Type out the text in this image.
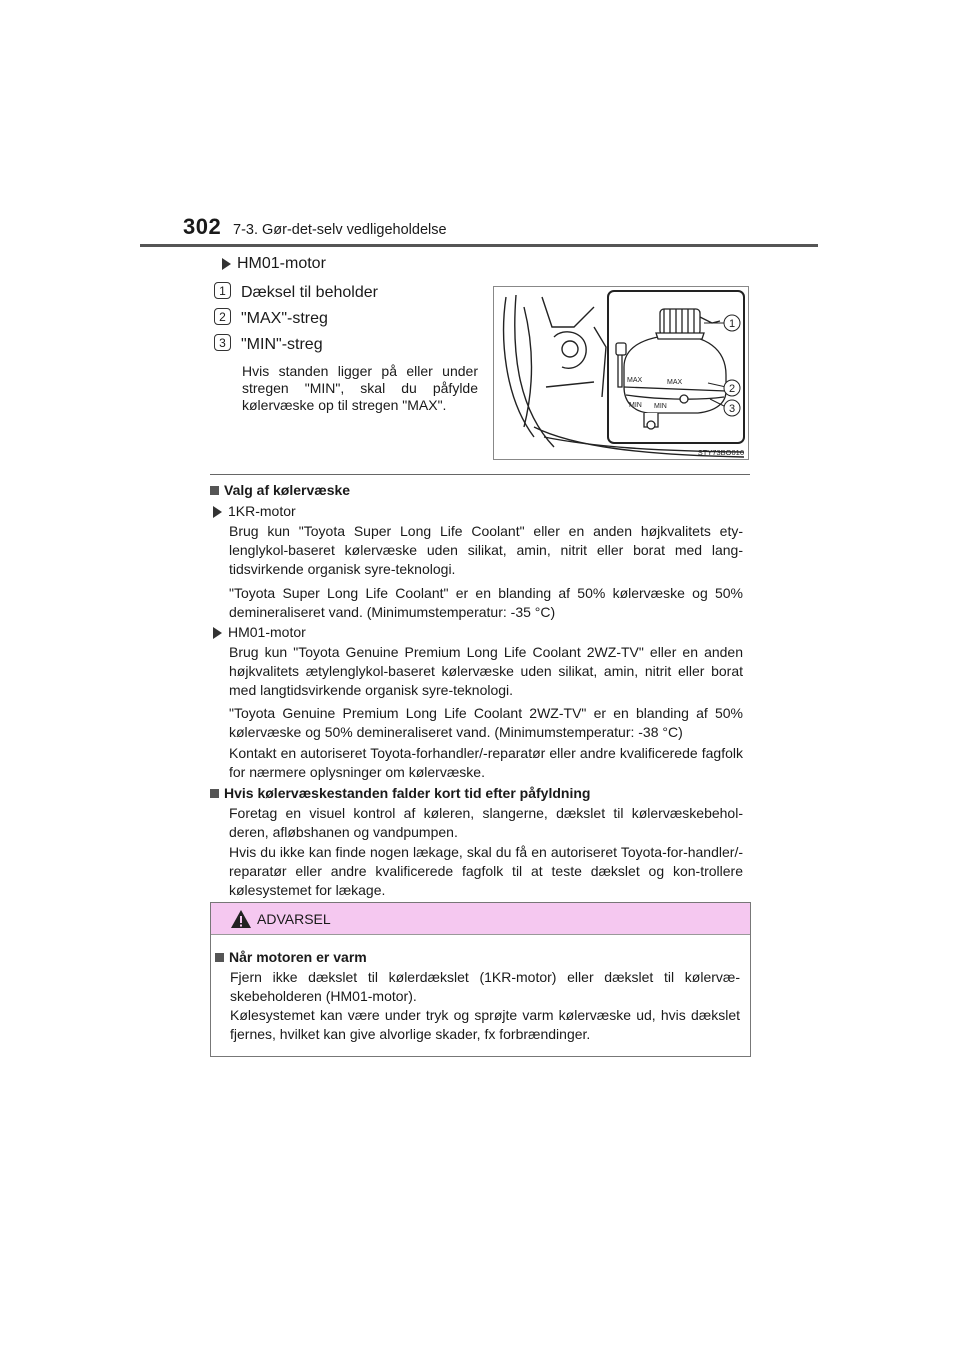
302 7-3. Gør-det-selv vedligeholdelse
HM01-motor
1 Dæksel til beholder
2 "MAX"-streg
3 "MIN"-streg
Hvis standen ligger på eller under stregen "MIN", skal du påfylde kølervæske op til stregen "MAX".
MAX	MAX
MIN MIN
1
2
3
STY73BO016
Valg af kølervæske
1KR-motor
Brug kun "Toyota Super Long Life Coolant" eller en anden højkvalitets ety-lenglykol-baseret kølervæske uden silikat, amin, nitrit eller borat med lang-tidsvirkende organisk syre-teknologi.
"Toyota Super Long Life Coolant" er en blanding af 50% kølervæske og 50% demineraliseret vand. (Minimumstemperatur: -35 °C)
HM01-motor
Brug kun "Toyota Genuine Premium Long Life Coolant 2WZ-TV" eller en anden højkvalitets ætylenglykol-baseret kølervæske uden silikat, amin, nitrit eller borat med langtidsvirkende organisk syre-teknologi.
"Toyota Genuine Premium Long Life Coolant 2WZ-TV" er en blanding af 50% kølervæske og 50% demineraliseret vand. (Minimumstemperatur: -38 °C)
Kontakt en autoriseret Toyota-forhandler/-reparatør eller andre kvalificerede fagfolk for nærmere oplysninger om kølervæske.
Hvis kølervæskestanden falder kort tid efter påfyldning
Foretag en visuel kontrol af køleren, slangerne, dækslet til kølervæskebehol-deren, afløbshanen og vandpumpen.
Hvis du ikke kan finde nogen lækage, skal du få en autoriseret Toyota-for-handler/-reparatør eller andre kvalificerede fagfolk til at teste dækslet og kon-trollere kølesystemet for lækage.
ADVARSEL
Når motoren er varm
Fjern ikke dækslet til kølerdækslet (1KR-motor) eller dækslet til kølervæ-skebeholderen (HM01-motor).
Kølesystemet kan være under tryk og sprøjte varm kølervæske ud, hvis dækslet fjernes, hvilket kan give alvorlige skader, fx forbrændinger.
